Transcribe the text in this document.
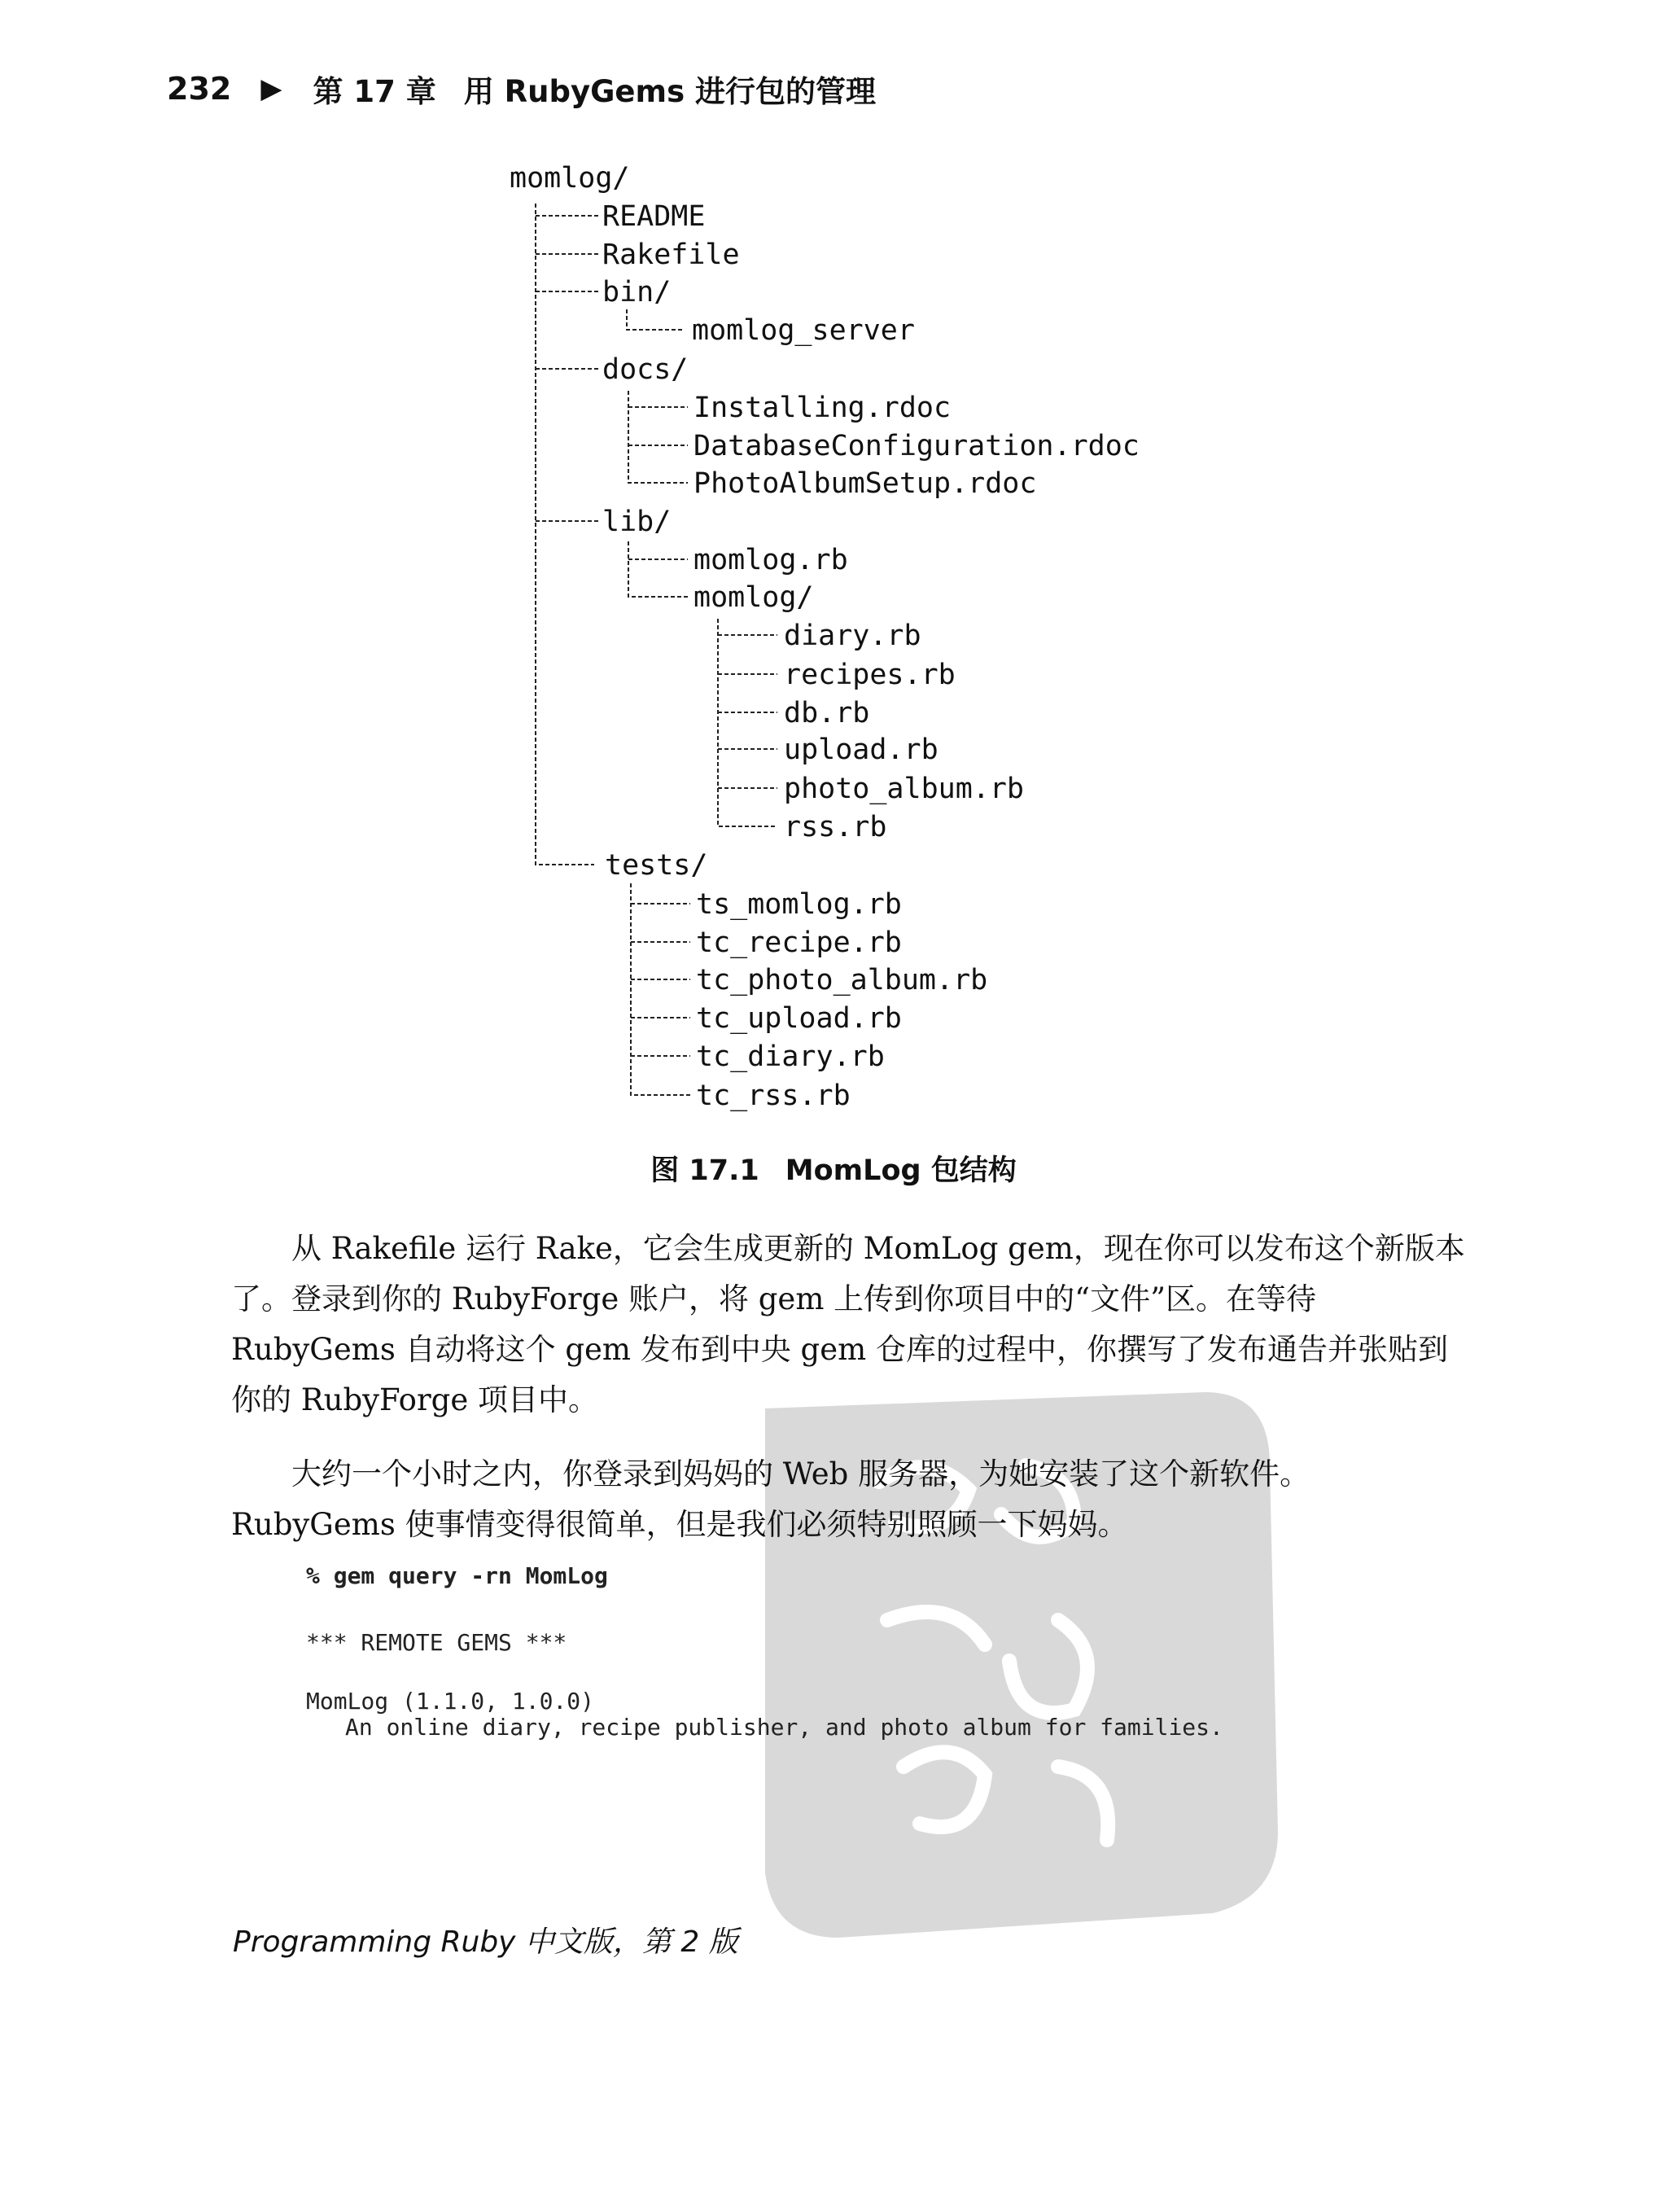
232 ▶ 第 17 章 用 RubyGems 进行包的管理
momlog/
README
Rakefile
bin/
momlog_server
docs/
Installing.rdoc
DatabaseConfiguration.rdoc
PhotoAlbumSetup.rdoc
lib/
momlog.rb
momlog/
diary.rb
recipes.rb
db.rb
upload.rb
photo_album.rb
rss.rb
tests/
ts_momlog.rb
tc_recipe.rb
tc_photo_album.rb
tc_upload.rb
tc_diary.rb
tc_rss.rb
图 17.1 MomLog 包结构
从 Rakefile 运行 Rake，它会生成更新的 MomLog gem，现在你可以发布这个新版本
了。登录到你的 RubyForge 账户，将 gem 上传到你项目中的“文件”区。在等待
RubyGems 自动将这个 gem 发布到中央 gem 仓库的过程中，你撰写了发布通告并张贴到
你的 RubyForge 项目中。
大约一个小时之内，你登录到妈妈的 Web 服务器，为她安装了这个新软件。
RubyGems 使事情变得很简单，但是我们必须特别照顾一下妈妈。
% gem query -rn MomLog
*** REMOTE GEMS ***
MomLog (1.1.0, 1.0.0)
An online diary, recipe publisher, and photo album for families.
Programming Ruby 中文版，第 2 版
